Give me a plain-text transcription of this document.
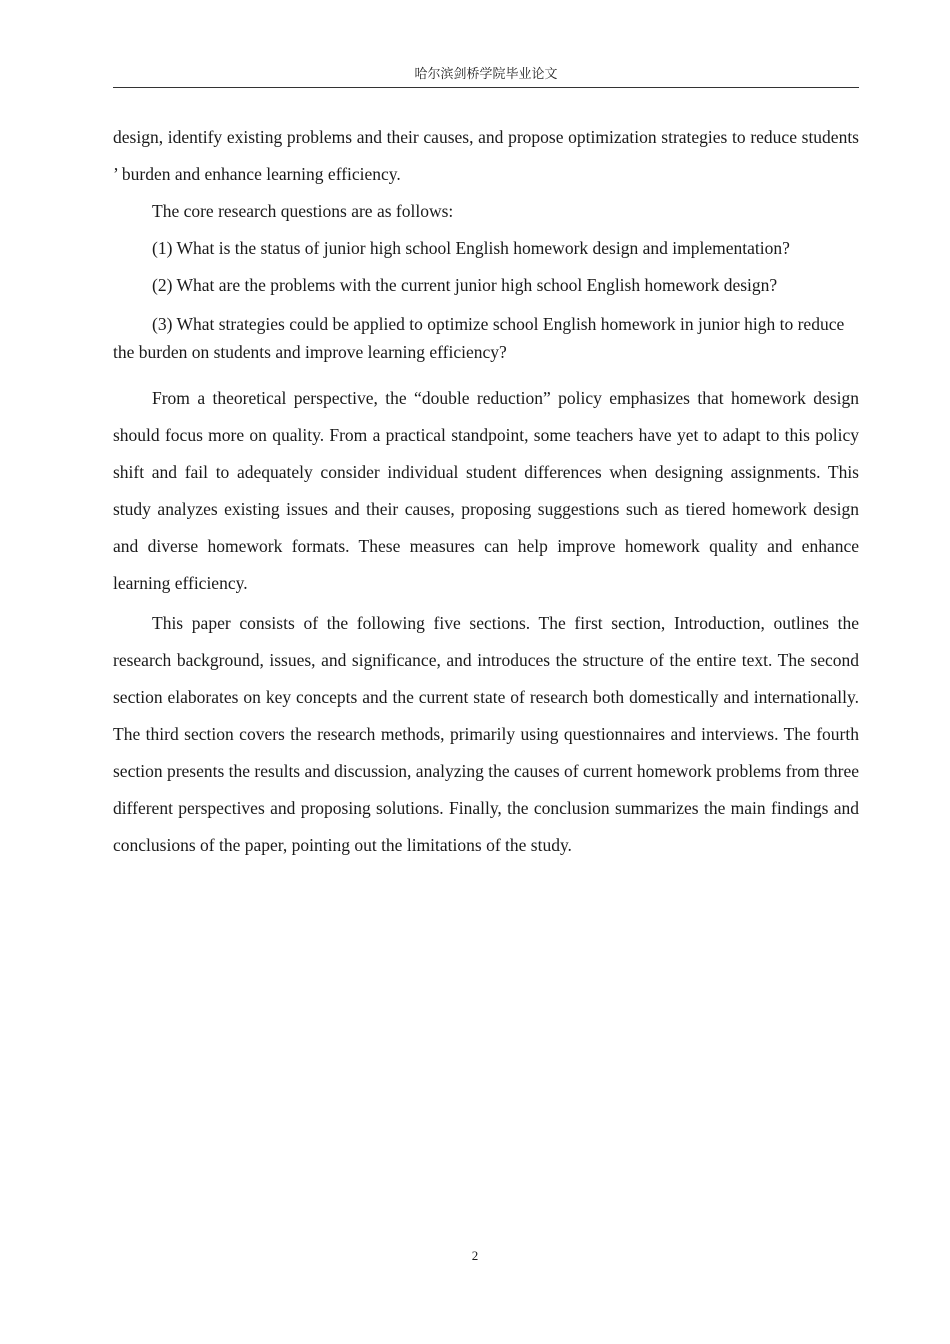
哈尔滨剑桥学院毕业论文

design, identify existing problems and their causes, and propose optimization strategies to reduce students ’ burden and enhance learning efficiency.

The core research questions are as follows:

(1) What is the status of junior high school English homework design and implementation?

(2) What are the problems with the current junior high school English homework design?

(3) What strategies could be applied to optimize school English homework in junior high to reduce the burden on students and improve learning efficiency?

From a theoretical perspective, the “double reduction” policy emphasizes that homework design should focus more on quality. From a practical standpoint, some teachers have yet to adapt to this policy shift and fail to adequately consider individual student differences when designing assignments. This study analyzes existing issues and their causes, proposing suggestions such as tiered homework design and diverse homework formats. These measures can help improve homework quality and enhance learning efficiency.

This paper consists of the following five sections. The first section, Introduction, outlines the research background, issues, and significance, and introduces the structure of the entire text. The second section elaborates on key concepts and the current state of research both domestically and internationally. The third section covers the research methods, primarily using questionnaires and interviews. The fourth section presents the results and discussion, analyzing the causes of current homework problems from three different perspectives and proposing solutions. Finally, the conclusion summarizes the main findings and conclusions of the paper, pointing out the limitations of the study.

2
